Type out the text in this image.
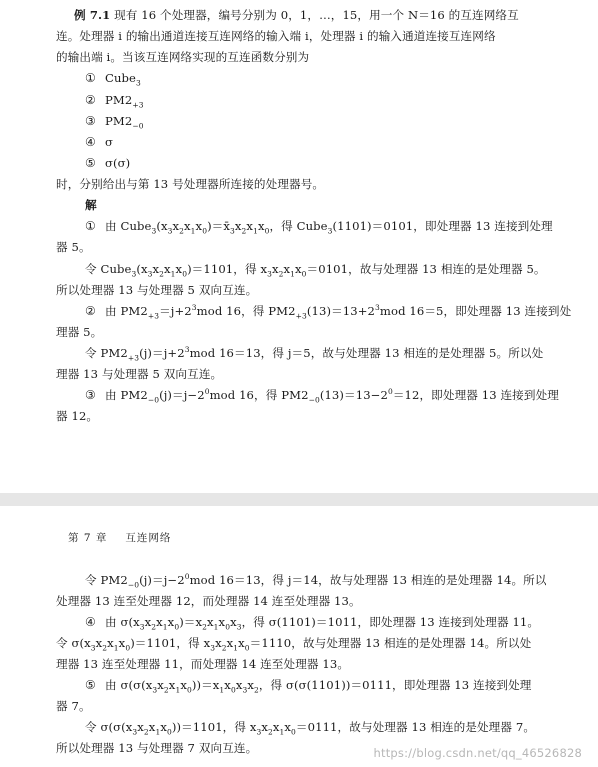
例 7.1 现有 16 个处理器，编号分别为 0，1，…，15，用一个 N＝16 的互连网络互
连。处理器 i 的输出通道连接互连网络的输入端 i，处理器 i 的输入通道连接互连网络
的输出端 i。当该互连网络实现的互连函数分别为
① Cube$_3$
② $PM2_{+3}$
③ $PM2_{-0}$
④ σ
⑤ σ(σ)
时，分别给出与第 13 号处理器所连接的处理器号。
解
① 由 $Cube_3(x_3x_2x_1x_0)=x̄_3x_2x_1x_0$，得 Cube$_3$(1101)＝0101，即处理器 13 连接到处理
器 5。
令 $Cube_3(x_3x_2x_1x_0)=1101$，得 $x_3x_2x_1x_0=0101$，故与处理器 13 相连的是处理器 5。
所以处理器 13 与处理器 5 双向互连。
② 由 $PM2_{+3}=j+2^3mod$ 16，得 $PM2_{+3}(13)=13+2^3mod$ 16＝5，即处理器 13 连接到处
理器 5。
令 $PM2_{+3}(j)=j+2^3mod$ 16＝13，得 j＝5，故与处理器 13 相连的是处理器 5。所以处
理器 13 与处理器 5 双向互连。
③ 由 $PM2_{-0}(j)=j-2^0mod$ 16，得 $PM2_{-0}(13)=13-2^0=12$，即处理器 13 连接到处理
器 12。
第 7 章 互连网络
令 $PM2_{-0}(j)=j-2^0mod$ 16＝13，得 j＝14，故与处理器 13 相连的是处理器 14。所以
处理器 13 连至处理器 12，而处理器 14 连至处理器 13。
④ 由 $\sigma(x_3x_2x_1x_0)=x_2x_1x_0x_3$，得 σ(1101)＝1011，即处理器 13 连接到处理器 11。
令 $\sigma(x_3x_2x_1x_0)=1101$，得 $x_3x_2x_1x_0=1110$，故与处理器 13 相连的是处理器 14。所以处
理器 13 连至处理器 11，而处理器 14 连至处理器 13。
⑤ 由 $\sigma(\sigma(x_3x_2x_1x_0))=x_1x_0x_3x_2$，得 σ(σ(1101))＝0111，即处理器 13 连接到处理
器 7。
令 $\sigma(\sigma(x_3x_2x_1x_0))=1101$，得 $x_3x_2x_1x_0=0111$，故与处理器 13 相连的是处理器 7。
所以处理器 13 与处理器 7 双向互连。	https://blog.csdn.net/qq_46526828
